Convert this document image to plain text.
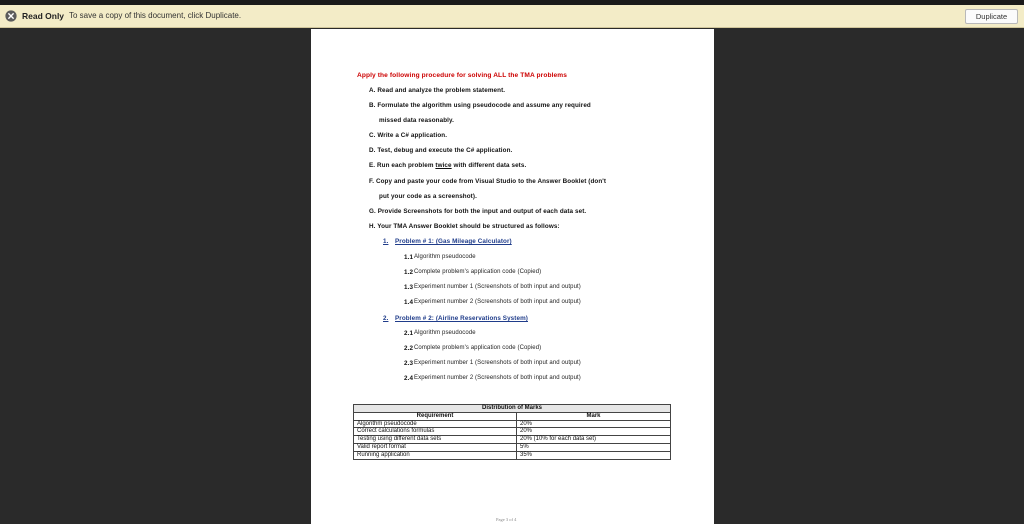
Read Only To save a copy of this document, click Duplicate.	Duplicate
Apply the following procedure for solving ALL the TMA problems
A. Read and analyze the problem statement.
B. Formulate the algorithm using pseudocode and assume any required
missed data reasonably.
C. Write a C# application.
D. Test, debug and execute the C# application.
E. Run each problem twice with different data sets.
F. Copy and paste your code from Visual Studio to the Answer Booklet (don't
put your code as a screenshot).
G. Provide Screenshots for both the input and output of each data set.
H. Your TMA Answer Booklet should be structured as follows:
1. Problem # 1: (Gas Mileage Calculator)
1.1 Algorithm pseudocode
1.2 Complete problem's application code (Copied)
1.3 Experiment number 1 (Screenshots of both input and output)
1.4 Experiment number 2 (Screenshots of both input and output)
2. Problem # 2: (Airline Reservations System)
2.1 Algorithm pseudocode
2.2 Complete problem's application code (Copied)
2.3 Experiment number 1 (Screenshots of both input and output)
2.4 Experiment number 2 (Screenshots of both input and output)
Distribution of Marks	
Requirement	Mark
Algorithm pseudocode	20%
Correct calculations formulas	20%
Testing using different data sets	20% (10% for each data set)
Valid report format	5%
Running application	35%
Page 3 of 4
